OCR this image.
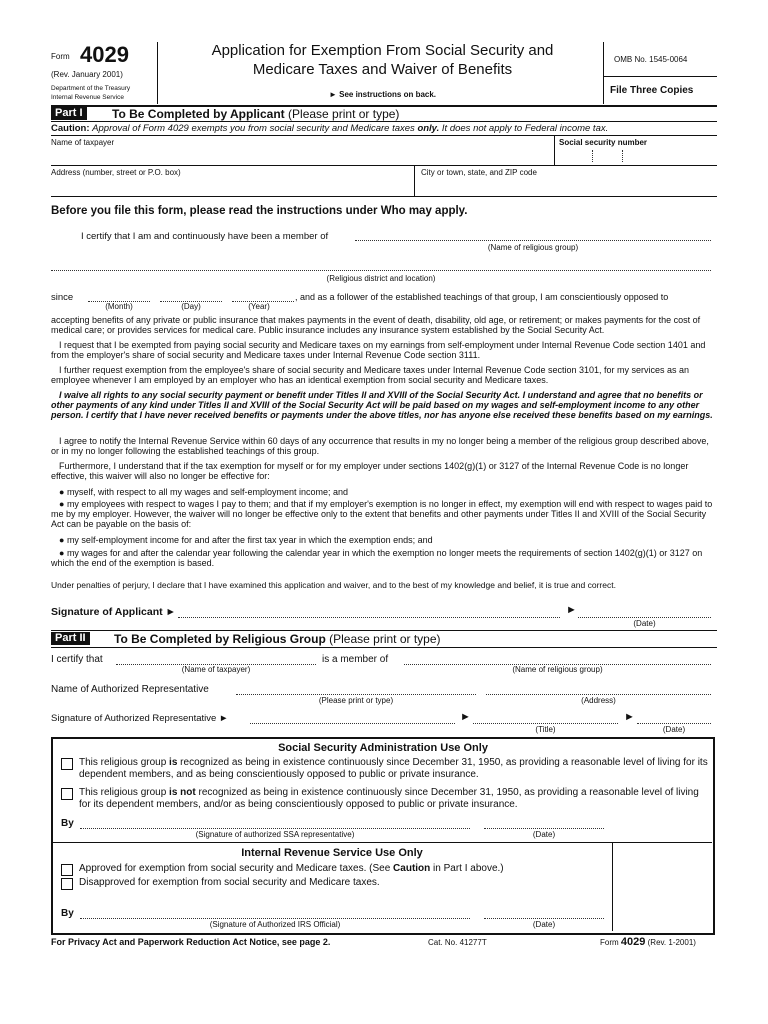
Form 4029
(Rev. January 2001)
Department of the Treasury
Internal Revenue Service
Application for Exemption From Social Security and
Medicare Taxes and Waiver of Benefits
► See instructions on back.
OMB No. 1545-0064
File Three Copies
Part I	To Be Completed by Applicant (Please print or type)
Caution: Approval of Form 4029 exempts you from social security and Medicare taxes only. It does not apply to Federal income tax.
Name of taxpayer	Social security number
Address (number, street or P.O. box)	City or town, state, and ZIP code
Before you file this form, please read the instructions under Who may apply.
I certify that I am and continuously have been a member of
(Name of religious group)
(Religious district and location)
since
(Month)	(Day)	(Year)
, and as a follower of the established teachings of that group, I am conscientiously opposed to
accepting benefits of any private or public insurance that makes payments in the event of death, disability, old age, or retirement; or makes payments for the cost of medical care; or provides services for medical care. Public insurance includes any insurance system established by the Social Security Act.
I request that I be exempted from paying social security and Medicare taxes on my earnings from self-employment under Internal Revenue Code section 1401 and from the employer's share of social security and Medicare taxes under Internal Revenue Code section 3111.
I further request exemption from the employee's share of social security and Medicare taxes under Internal Revenue Code section 3101, for my services as an employee whenever I am employed by an employer who has an identical exemption from social security and Medicare taxes.
I waive all rights to any social security payment or benefit under Titles II and XVIII of the Social Security Act. I understand and agree that no benefits or other payments of any kind under Titles II and XVIII of the Social Security Act will be paid based on my wages and self-employment income to any other person. I certify that I have never received benefits or payments under the above titles, nor has anyone else received these benefits based on my earnings.
I agree to notify the Internal Revenue Service within 60 days of any occurrence that results in my no longer being a member of the religious group described above, or in my no longer following the established teachings of this group.
Furthermore, I understand that if the tax exemption for myself or for my employer under sections 1402(g)(1) or 3127 of the Internal Revenue Code is no longer effective, this waiver will also no longer be effective for:
● myself, with respect to all my wages and self-employment income; and
● my employees with respect to wages I pay to them; and that if my employer's exemption is no longer in effect, my exemption will end with respect to wages paid to me by my employer. However, the waiver will no longer be effective only to the extent that benefits and other payments under Titles II and XVIII of the Social Security Act can be payable on the basis of:
● my self-employment income for and after the first tax year in which the exemption ends; and
● my wages for and after the calendar year following the calendar year in which the exemption no longer meets the requirements of section 1402(g)(1) or 3127 on which the end of the exemption is based.
Under penalties of perjury, I declare that I have examined this application and waiver, and to the best of my knowledge and belief, it is true and correct.
Signature of Applicant ►	►
(Date)
Part II	To Be Completed by Religious Group (Please print or type)
I certify that
(Name of taxpayer)
is a member of
(Name of religious group)
Name of Authorized Representative
(Please print or type)	(Address)
Signature of Authorized Representative ►	►
(Title)
►
(Date)
Social Security Administration Use Only
This religious group is recognized as being in existence continuously since December 31, 1950, as providing a reasonable level of living for its dependent members, and as being conscientiously opposed to public or private insurance.
This religious group is not recognized as being in existence continuously since December 31, 1950, as providing a reasonable level of living for its dependent members, and/or as being conscientiously opposed to public or private insurance.
By
(Signature of authorized SSA representative)	(Date)
Internal Revenue Service Use Only
Approved for exemption from social security and Medicare taxes. (See Caution in Part I above.)
Disapproved for exemption from social security and Medicare taxes.
By
(Signature of Authorized IRS Official)	(Date)
For Privacy Act and Paperwork Reduction Act Notice, see page 2.	Cat. No. 41277T	Form 4029 (Rev. 1-2001)
